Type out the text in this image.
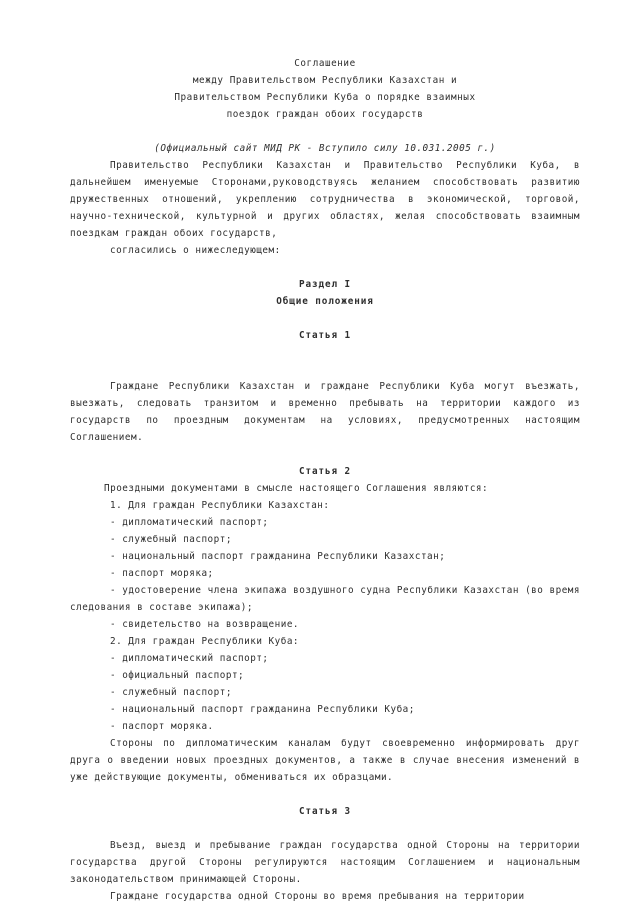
Соглашение
между Правительством Республики Казахстан и
Правительством Республики Куба о порядке взаимных
поездок граждан обоих государств
(Официальный сайт МИД РК - Вступило силу 10.031.2005 г.)

Правительство Республики Казахстан и Правительство Республики Куба, в дальнейшем именуемые Сторонами,руководствуясь желанием способствовать развитию дружественных отношений, укреплению сотрудничества в экономической, торговой, научно-технической, культурной и других областях, желая способствовать взаимным поездкам граждан обоих государств,

согласились о нижеследующем:

Раздел I
Общие положения
Статья 1

Граждане Республики Казахстан и граждане Республики Куба могут въезжать, выезжать, следовать транзитом и временно пребывать на территории каждого из государств по проездным документам на условиях, предусмотренных настоящим Соглашением.

Статья 2

Проездными документами в смысле настоящего Соглашения являются:

1. Для граждан Республики Казахстан:

- дипломатический паспорт;

- служебный паспорт;

- национальный паспорт гражданина Республики Казахстан;

- паспорт моряка;

- удостоверение члена экипажа воздушного судна Республики Казахстан (во время следования в составе экипажа);

- свидетельство на возвращение.

2. Для граждан Республики Куба:

- дипломатический паспорт;

- официальный паспорт;

- служебный паспорт;

- национальный паспорт гражданина Республики Куба;

- паспорт моряка.

Стороны по дипломатическим каналам будут своевременно информировать друг друга о введении новых проездных документов, а также в случае внесения изменений в уже действующие документы, обмениваться их образцами.

Статья 3

Въезд, выезд и пребывание граждан государства одной Стороны на территории государства другой Стороны регулируются настоящим Соглашением и национальным законодательством принимающей Стороны.

Граждане государства одной Стороны во время пребывания на территории
